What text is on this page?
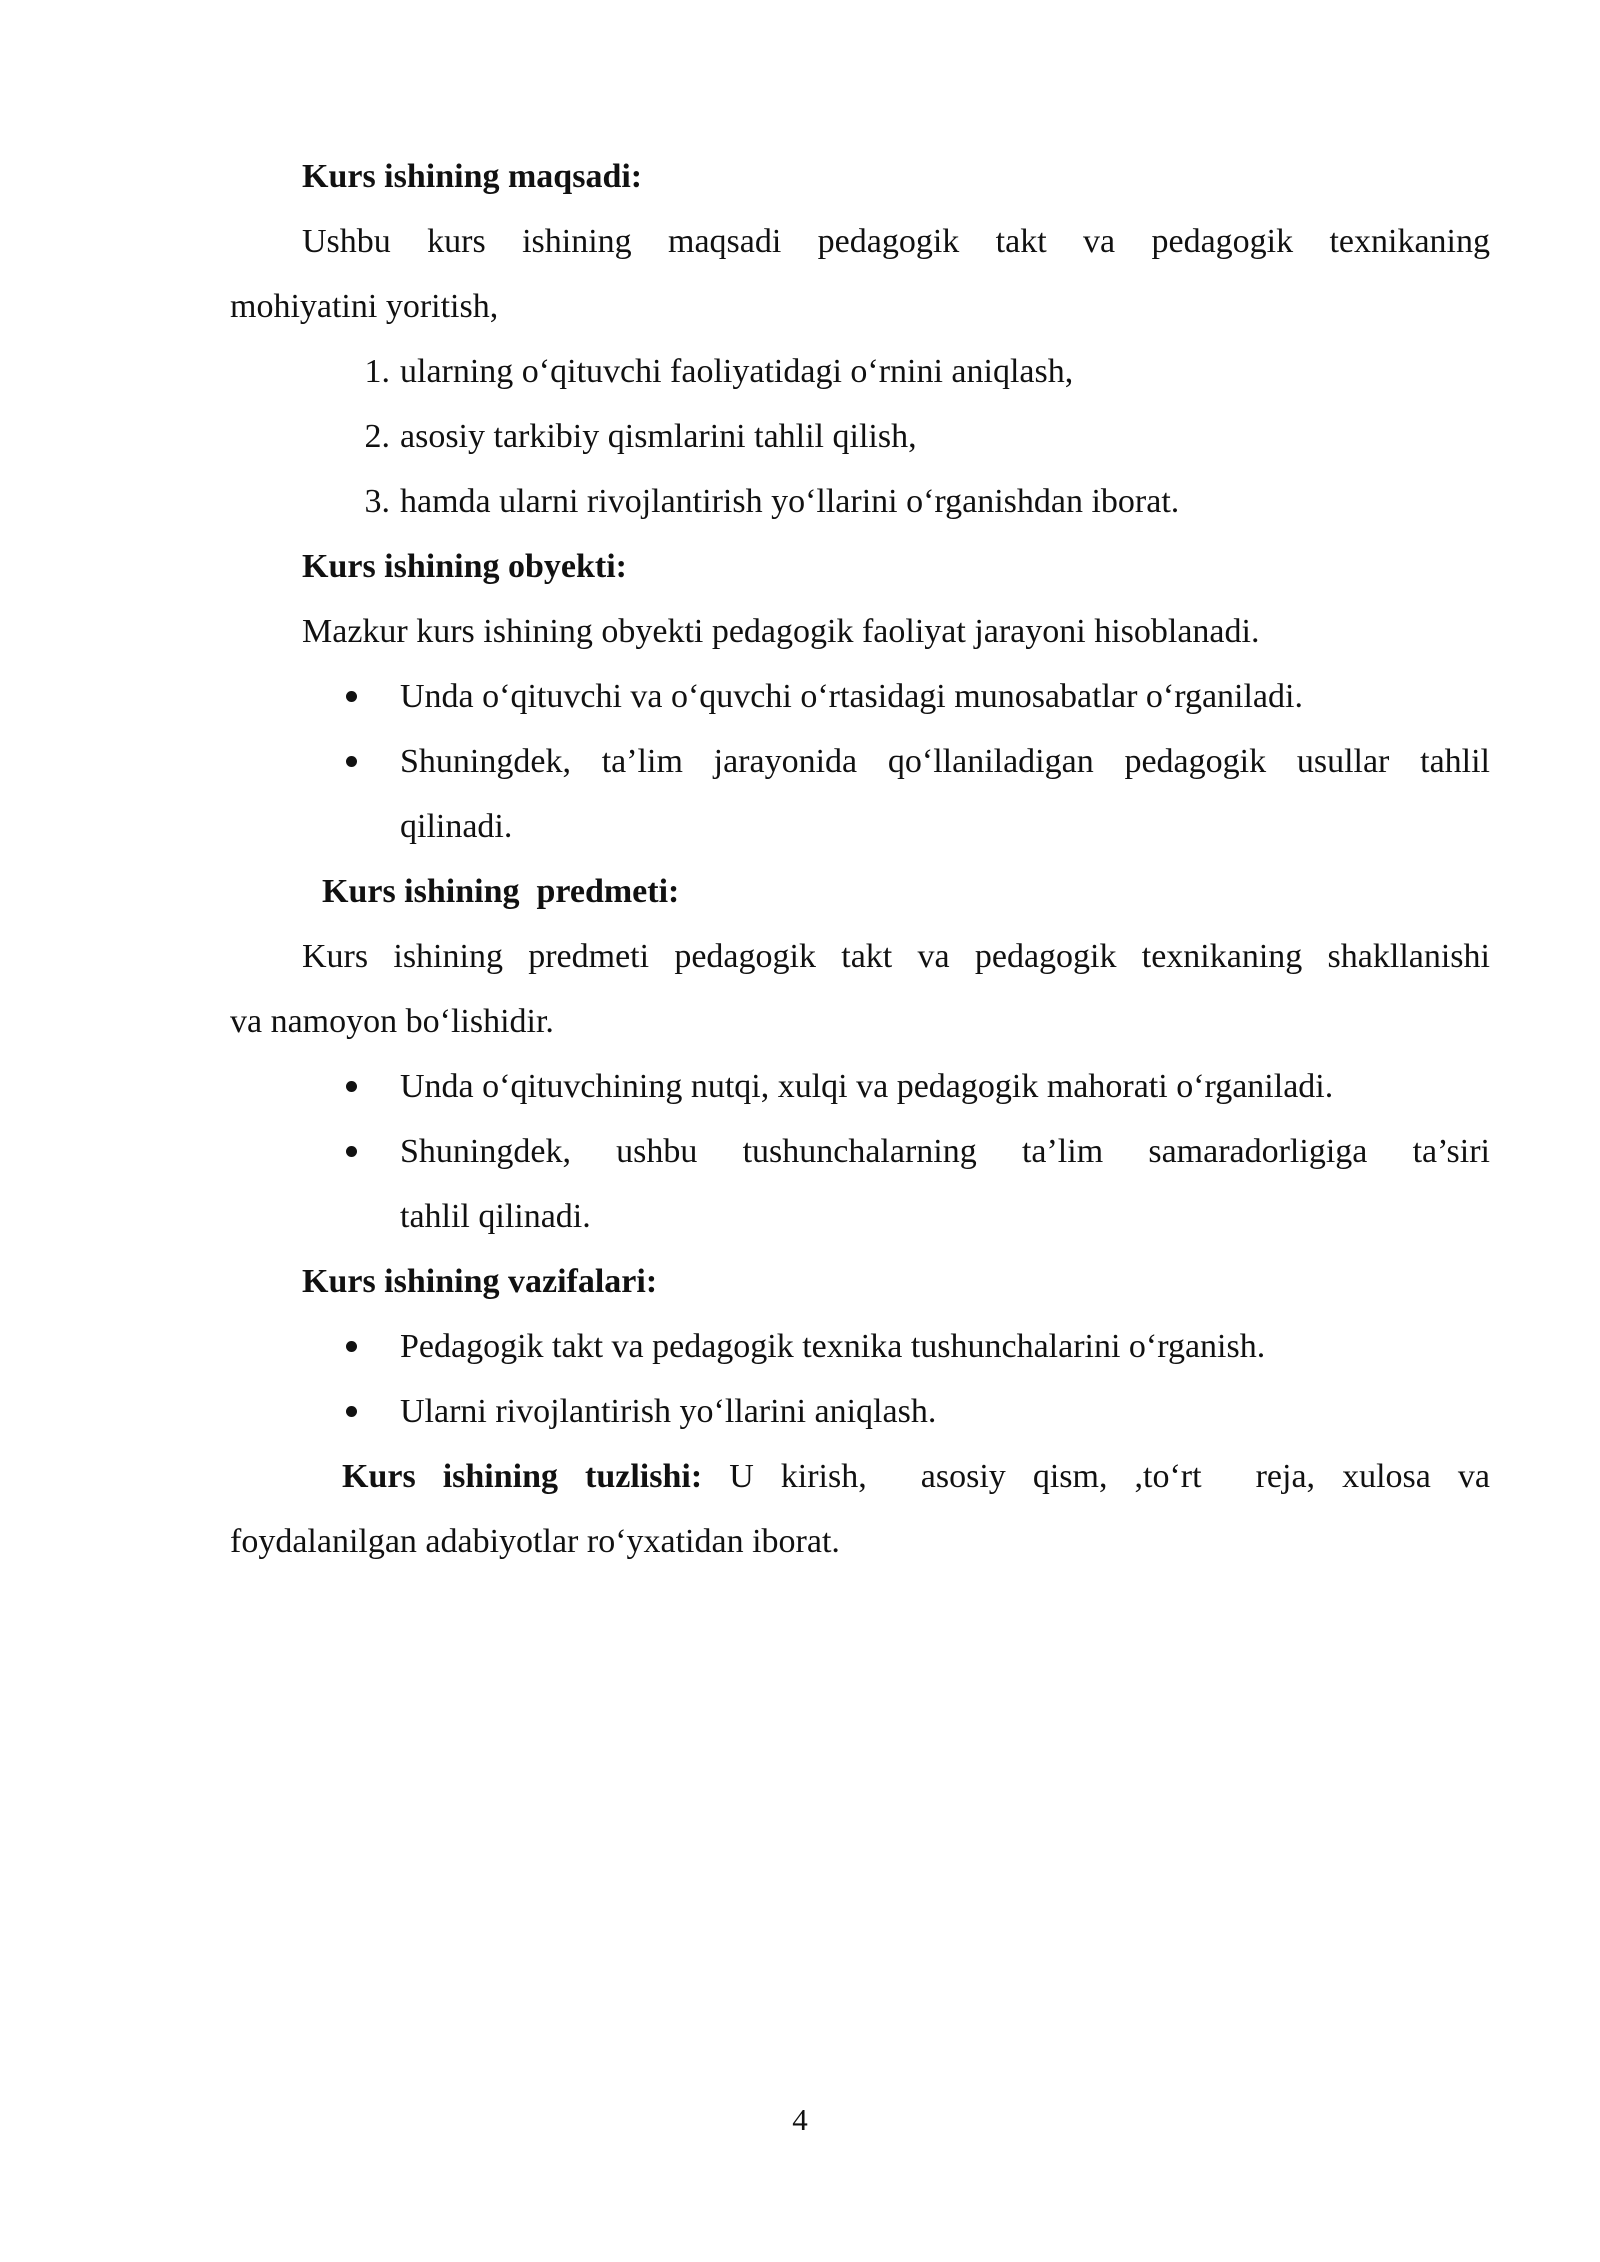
Kurs ishining maqsadi:

Ushbu kurs ishining maqsadi pedagogik takt va pedagogik texnikaning
mohiyatini yoritish,

1. ularning o‘qituvchi faoliyatidagi o‘rnini aniqlash,
2. asosiy tarkibiy qismlarini tahlil qilish,
3. hamda ularni rivojlantirish yo‘llarini o‘rganishdan iborat.

Kurs ishining obyekti:

Mazkur kurs ishining obyekti pedagogik faoliyat jarayoni hisoblanadi.

Unda o‘qituvchi va o‘quvchi o‘rtasidagi munosabatlar o‘rganiladi.
Shuningdek, ta’lim jarayonida qo‘llaniladigan pedagogik usullar tahlil
qilinadi.

Kurs ishining  predmeti:

Kurs ishining predmeti pedagogik takt va pedagogik texnikaning shakllanishi
va namoyon bo‘lishidir.

Unda o‘qituvchining nutqi, xulqi va pedagogik mahorati o‘rganiladi.
Shuningdek, ushbu tushunchalarning ta’lim samaradorligiga ta’siri
tahlil qilinadi.

Kurs ishining vazifalari:

Pedagogik takt va pedagogik texnika tushunchalarini o‘rganish.
Ularni rivojlantirish yo‘llarini aniqlash.

Kurs ishining tuzlishi: U kirish,  asosiy qism, ,to‘rt  reja, xulosa va
foydalanilgan adabiyotlar ro‘yxatidan iborat.

4
